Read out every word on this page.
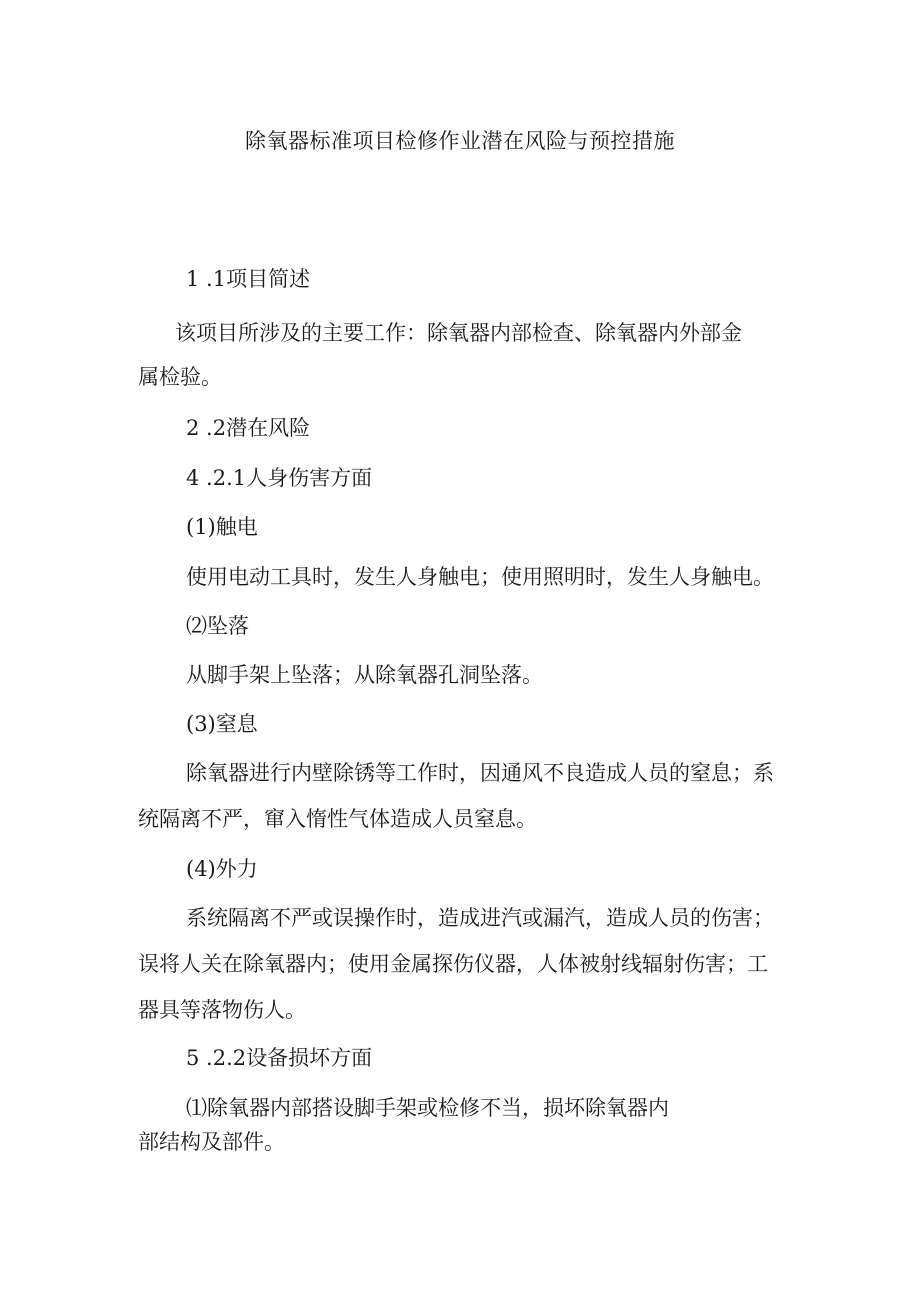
除氧器标准项目检修作业潜在风险与预控措施
1 .1项目简述
该项目所涉及的主要工作：除氧器内部检查、除氧器内外部金
属检验。
2 .2潜在风险
4 .2.1人身伤害方面
(1)触电
使用电动工具时，发生人身触电；使用照明时，发生人身触电。
⑵坠落
从脚手架上坠落；从除氧器孔洞坠落。
(3)窒息
除氧器进行内壁除锈等工作时，因通风不良造成人员的窒息；系
统隔离不严，窜入惰性气体造成人员窒息。
(4)外力
系统隔离不严或误操作时，造成进汽或漏汽，造成人员的伤害；
误将人关在除氧器内；使用金属探伤仪器，人体被射线辐射伤害；工
器具等落物伤人。
5 .2.2设备损坏方面
⑴除氧器内部搭设脚手架或检修不当，损坏除氧器内
部结构及部件。
